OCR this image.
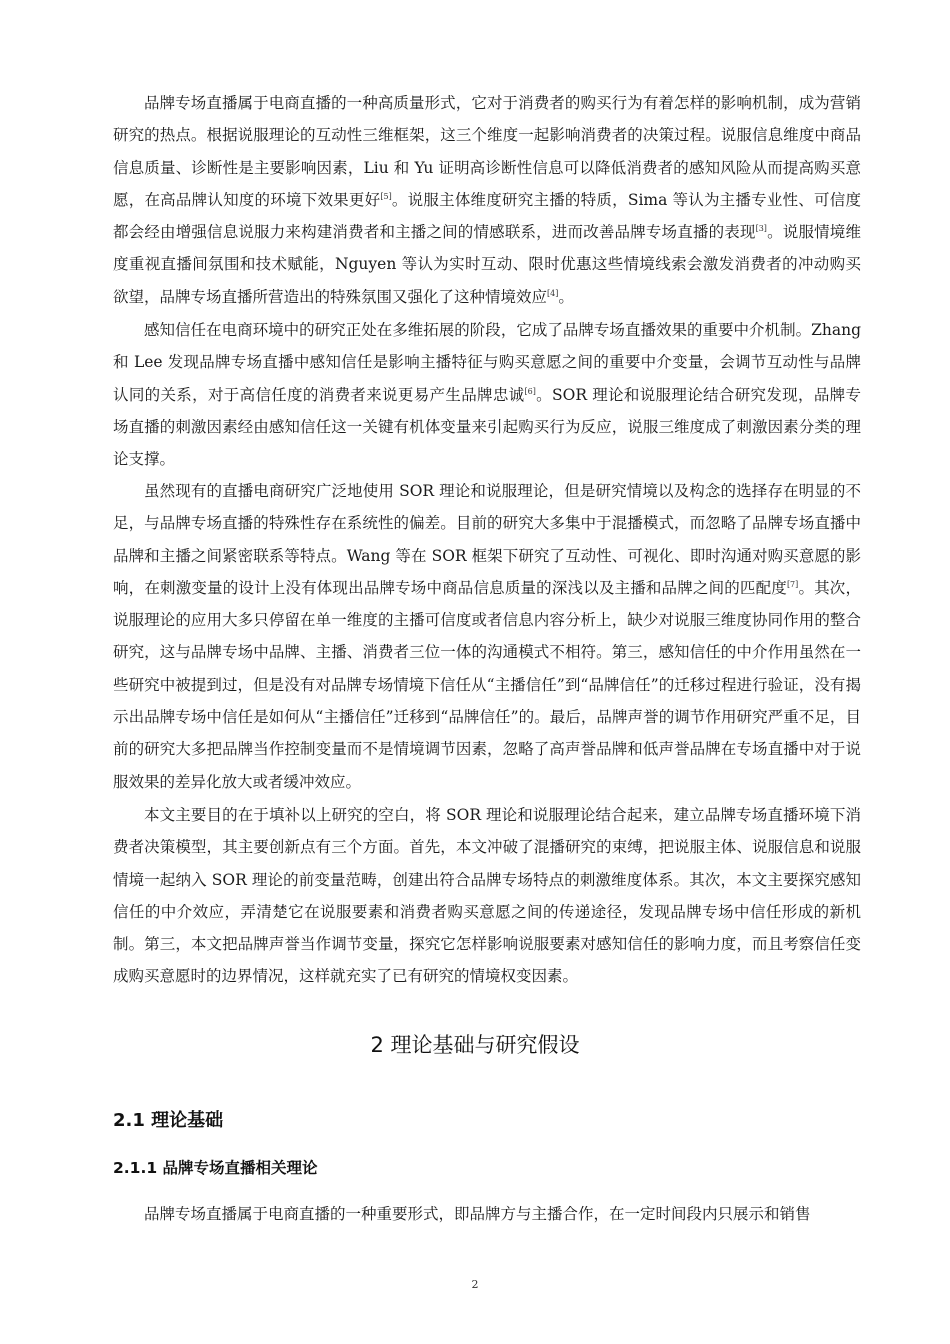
品牌专场直播属于电商直播的一种高质量形式，它对于消费者的购买行为有着怎样的影响机制，成为营销研究的热点。根据说服理论的互动性三维框架，这三个维度一起影响消费者的决策过程。说服信息维度中商品信息质量、诊断性是主要影响因素，Liu 和 Yu 证明高诊断性信息可以降低消费者的感知风险从而提高购买意愿，在高品牌认知度的环境下效果更好[5]。说服主体维度研究主播的特质，Sima 等认为主播专业性、可信度都会经由增强信息说服力来构建消费者和主播之间的情感联系，进而改善品牌专场直播的表现[3]。说服情境维度重视直播间氛围和技术赋能，Nguyen 等认为实时互动、限时优惠这些情境线索会激发消费者的冲动购买欲望，品牌专场直播所营造出的特殊氛围又强化了这种情境效应[4]。

感知信任在电商环境中的研究正处在多维拓展的阶段，它成了品牌专场直播效果的重要中介机制。Zhang 和 Lee 发现品牌专场直播中感知信任是影响主播特征与购买意愿之间的重要中介变量，会调节互动性与品牌认同的关系，对于高信任度的消费者来说更易产生品牌忠诚[6]。SOR 理论和说服理论结合研究发现，品牌专场直播的刺激因素经由感知信任这一关键有机体变量来引起购买行为反应，说服三维度成了刺激因素分类的理论支撑。

虽然现有的直播电商研究广泛地使用 SOR 理论和说服理论，但是研究情境以及构念的选择存在明显的不足，与品牌专场直播的特殊性存在系统性的偏差。目前的研究大多集中于混播模式，而忽略了品牌专场直播中品牌和主播之间紧密联系等特点。Wang 等在 SOR 框架下研究了互动性、可视化、即时沟通对购买意愿的影响，在刺激变量的设计上没有体现出品牌专场中商品信息质量的深浅以及主播和品牌之间的匹配度[7]。其次，说服理论的应用大多只停留在单一维度的主播可信度或者信息内容分析上，缺少对说服三维度协同作用的整合研究，这与品牌专场中品牌、主播、消费者三位一体的沟通模式不相符。第三，感知信任的中介作用虽然在一些研究中被提到过，但是没有对品牌专场情境下信任从“主播信任”到“品牌信任”的迁移过程进行验证，没有揭示出品牌专场中信任是如何从“主播信任”迁移到“品牌信任”的。最后，品牌声誉的调节作用研究严重不足，目前的研究大多把品牌当作控制变量而不是情境调节因素，忽略了高声誉品牌和低声誉品牌在专场直播中对于说服效果的差异化放大或者缓冲效应。

本文主要目的在于填补以上研究的空白，将 SOR 理论和说服理论结合起来，建立品牌专场直播环境下消费者决策模型，其主要创新点有三个方面。首先，本文冲破了混播研究的束缚，把说服主体、说服信息和说服情境一起纳入 SOR 理论的前变量范畴，创建出符合品牌专场特点的刺激维度体系。其次，本文主要探究感知信任的中介效应，弄清楚它在说服要素和消费者购买意愿之间的传递途径，发现品牌专场中信任形成的新机制。第三，本文把品牌声誉当作调节变量，探究它怎样影响说服要素对感知信任的影响力度，而且考察信任变成购买意愿时的边界情况，这样就充实了已有研究的情境权变因素。

2 理论基础与研究假设
2.1 理论基础
2.1.1 品牌专场直播相关理论

品牌专场直播属于电商直播的一种重要形式，即品牌方与主播合作，在一定时间段内只展示和销售

2
